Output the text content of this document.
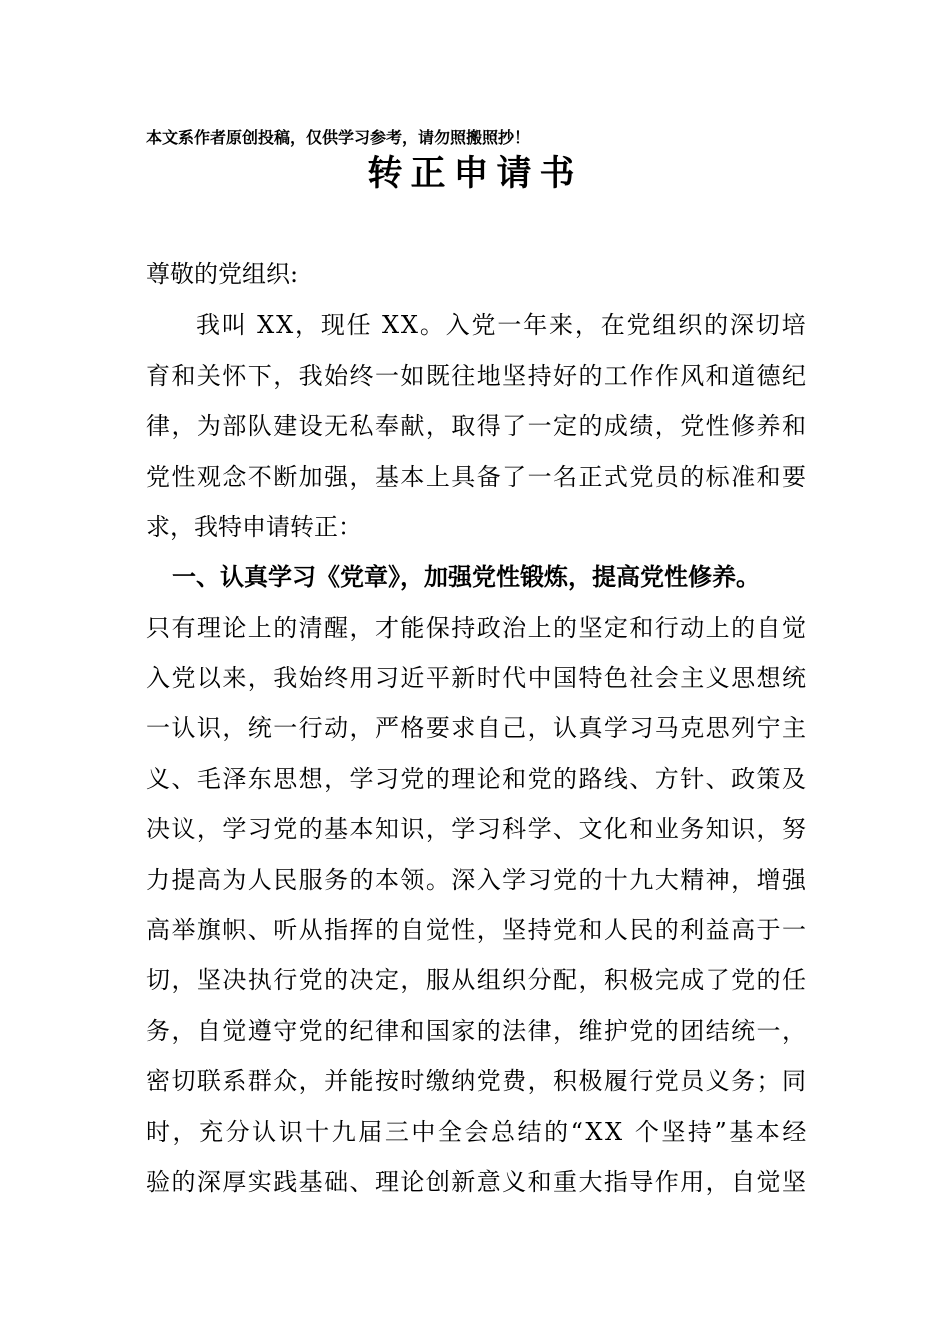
本文系作者原创投稿，仅供学习参考，请勿照搬照抄！
转正申请书
尊敬的党组织:
我叫 XX，现任 XX。入党一年来，在党组织的深切培
育和关怀下，我始终一如既往地坚持好的工作作风和道德纪
律，为部队建设无私奉献，取得了一定的成绩，党性修养和
党性观念不断加强，基本上具备了一名正式党员的标准和要
求，我特申请转正：
一、认真学习《党章》，加强党性锻炼，提高党性修养。
只有理论上的清醒，才能保持政治上的坚定和行动上的自觉
入党以来，我始终用习近平新时代中国特色社会主义思想统
一认识，统一行动，严格要求自己，认真学习马克思列宁主
义、毛泽东思想，学习党的理论和党的路线、方针、政策及
决议，学习党的基本知识，学习科学、文化和业务知识，努
力提高为人民服务的本领。深入学习党的十九大精神，增强
高举旗帜、听从指挥的自觉性，坚持党和人民的利益高于一
切，坚决执行党的决定，服从组织分配，积极完成了党的任
务，自觉遵守党的纪律和国家的法律，维护党的团结统一，
密切联系群众，并能按时缴纳党费，积极履行党员义务；同
时，充分认识十九届三中全会总结的“XX 个坚持”基本经
验的深厚实践基础、理论创新意义和重大指导作用，自觉坚
